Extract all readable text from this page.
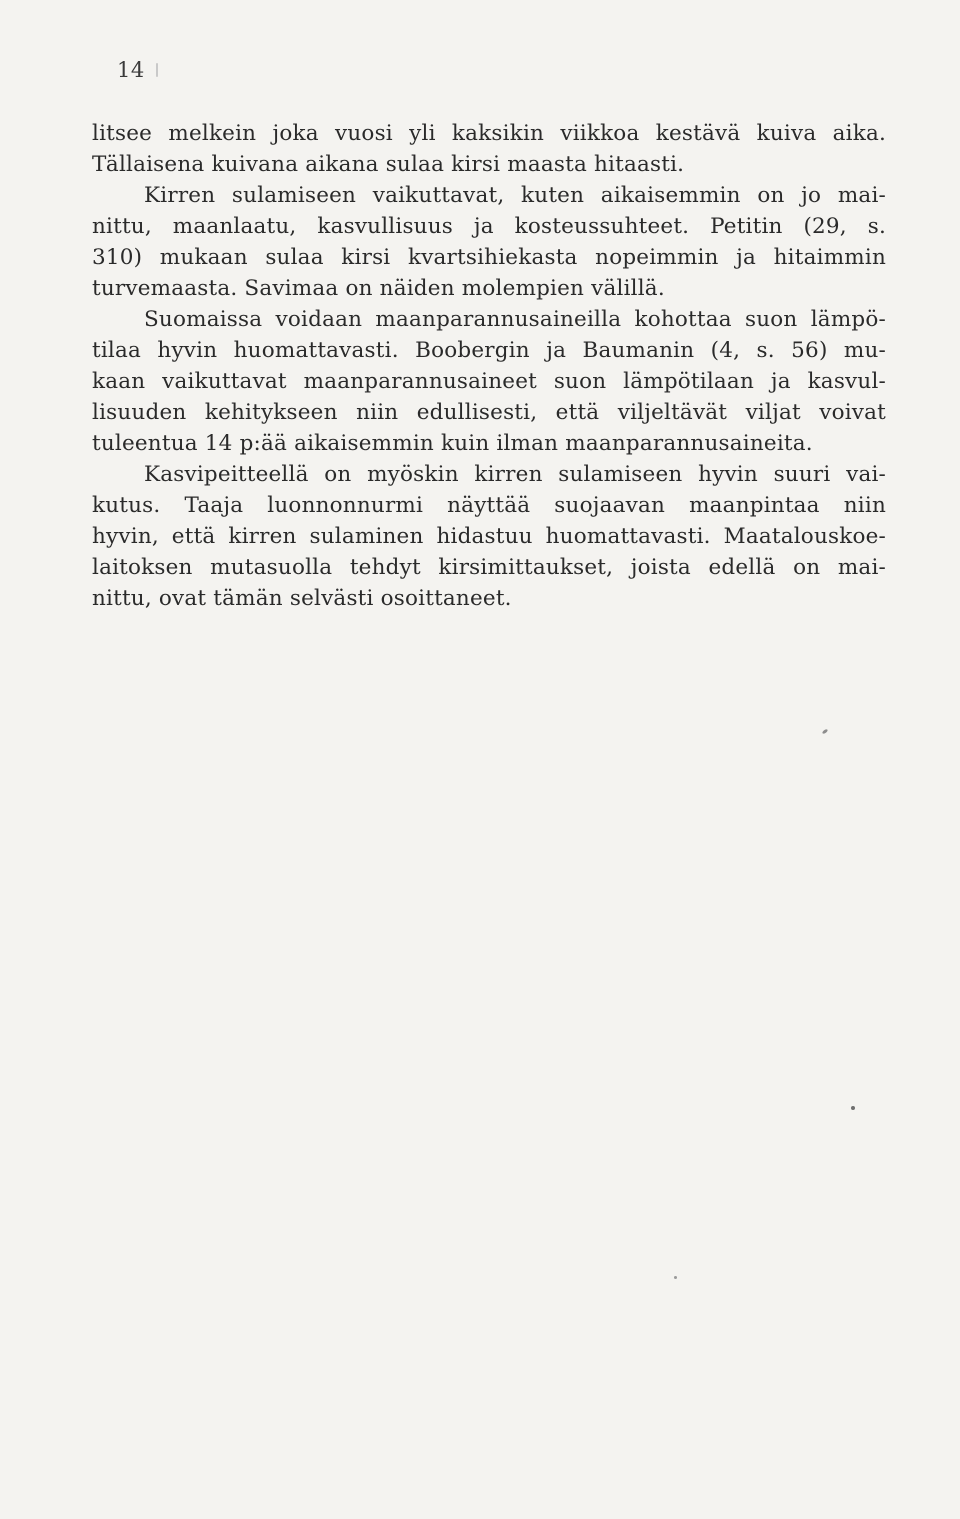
14
litsee melkein joka vuosi yli kaksikin viikkoa kestävä kuiva aika.
Tällaisena kuivana aikana sulaa kirsi maasta hitaasti.
Kirren sulamiseen vaikuttavat, kuten aikaisemmin on jo mai-
nittu, maanlaatu, kasvullisuus ja kosteussuhteet. Petitin (29, s.
310) mukaan sulaa kirsi kvartsihiekasta nopeimmin ja hitaimmin
turvemaasta. Savimaa on näiden molempien välillä.
Suomaissa voidaan maanparannusaineilla kohottaa suon lämpö-
tilaa hyvin huomattavasti. Boobergin ja Baumanin (4, s. 56) mu-
kaan vaikuttavat maanparannusaineet suon lämpötilaan ja kasvul-
lisuuden kehitykseen niin edullisesti, että viljeltävät viljat voivat
tuleentua 14 p:ää aikaisemmin kuin ilman maanparannusaineita.
Kasvipeitteellä on myöskin kirren sulamiseen hyvin suuri vai-
kutus. Taaja luonnonnurmi näyttää suojaavan maanpintaa niin
hyvin, että kirren sulaminen hidastuu huomattavasti. Maatalouskoe-
laitoksen mutasuolla tehdyt kirsimittaukset, joista edellä on mai-
nittu, ovat tämän selvästi osoittaneet.
